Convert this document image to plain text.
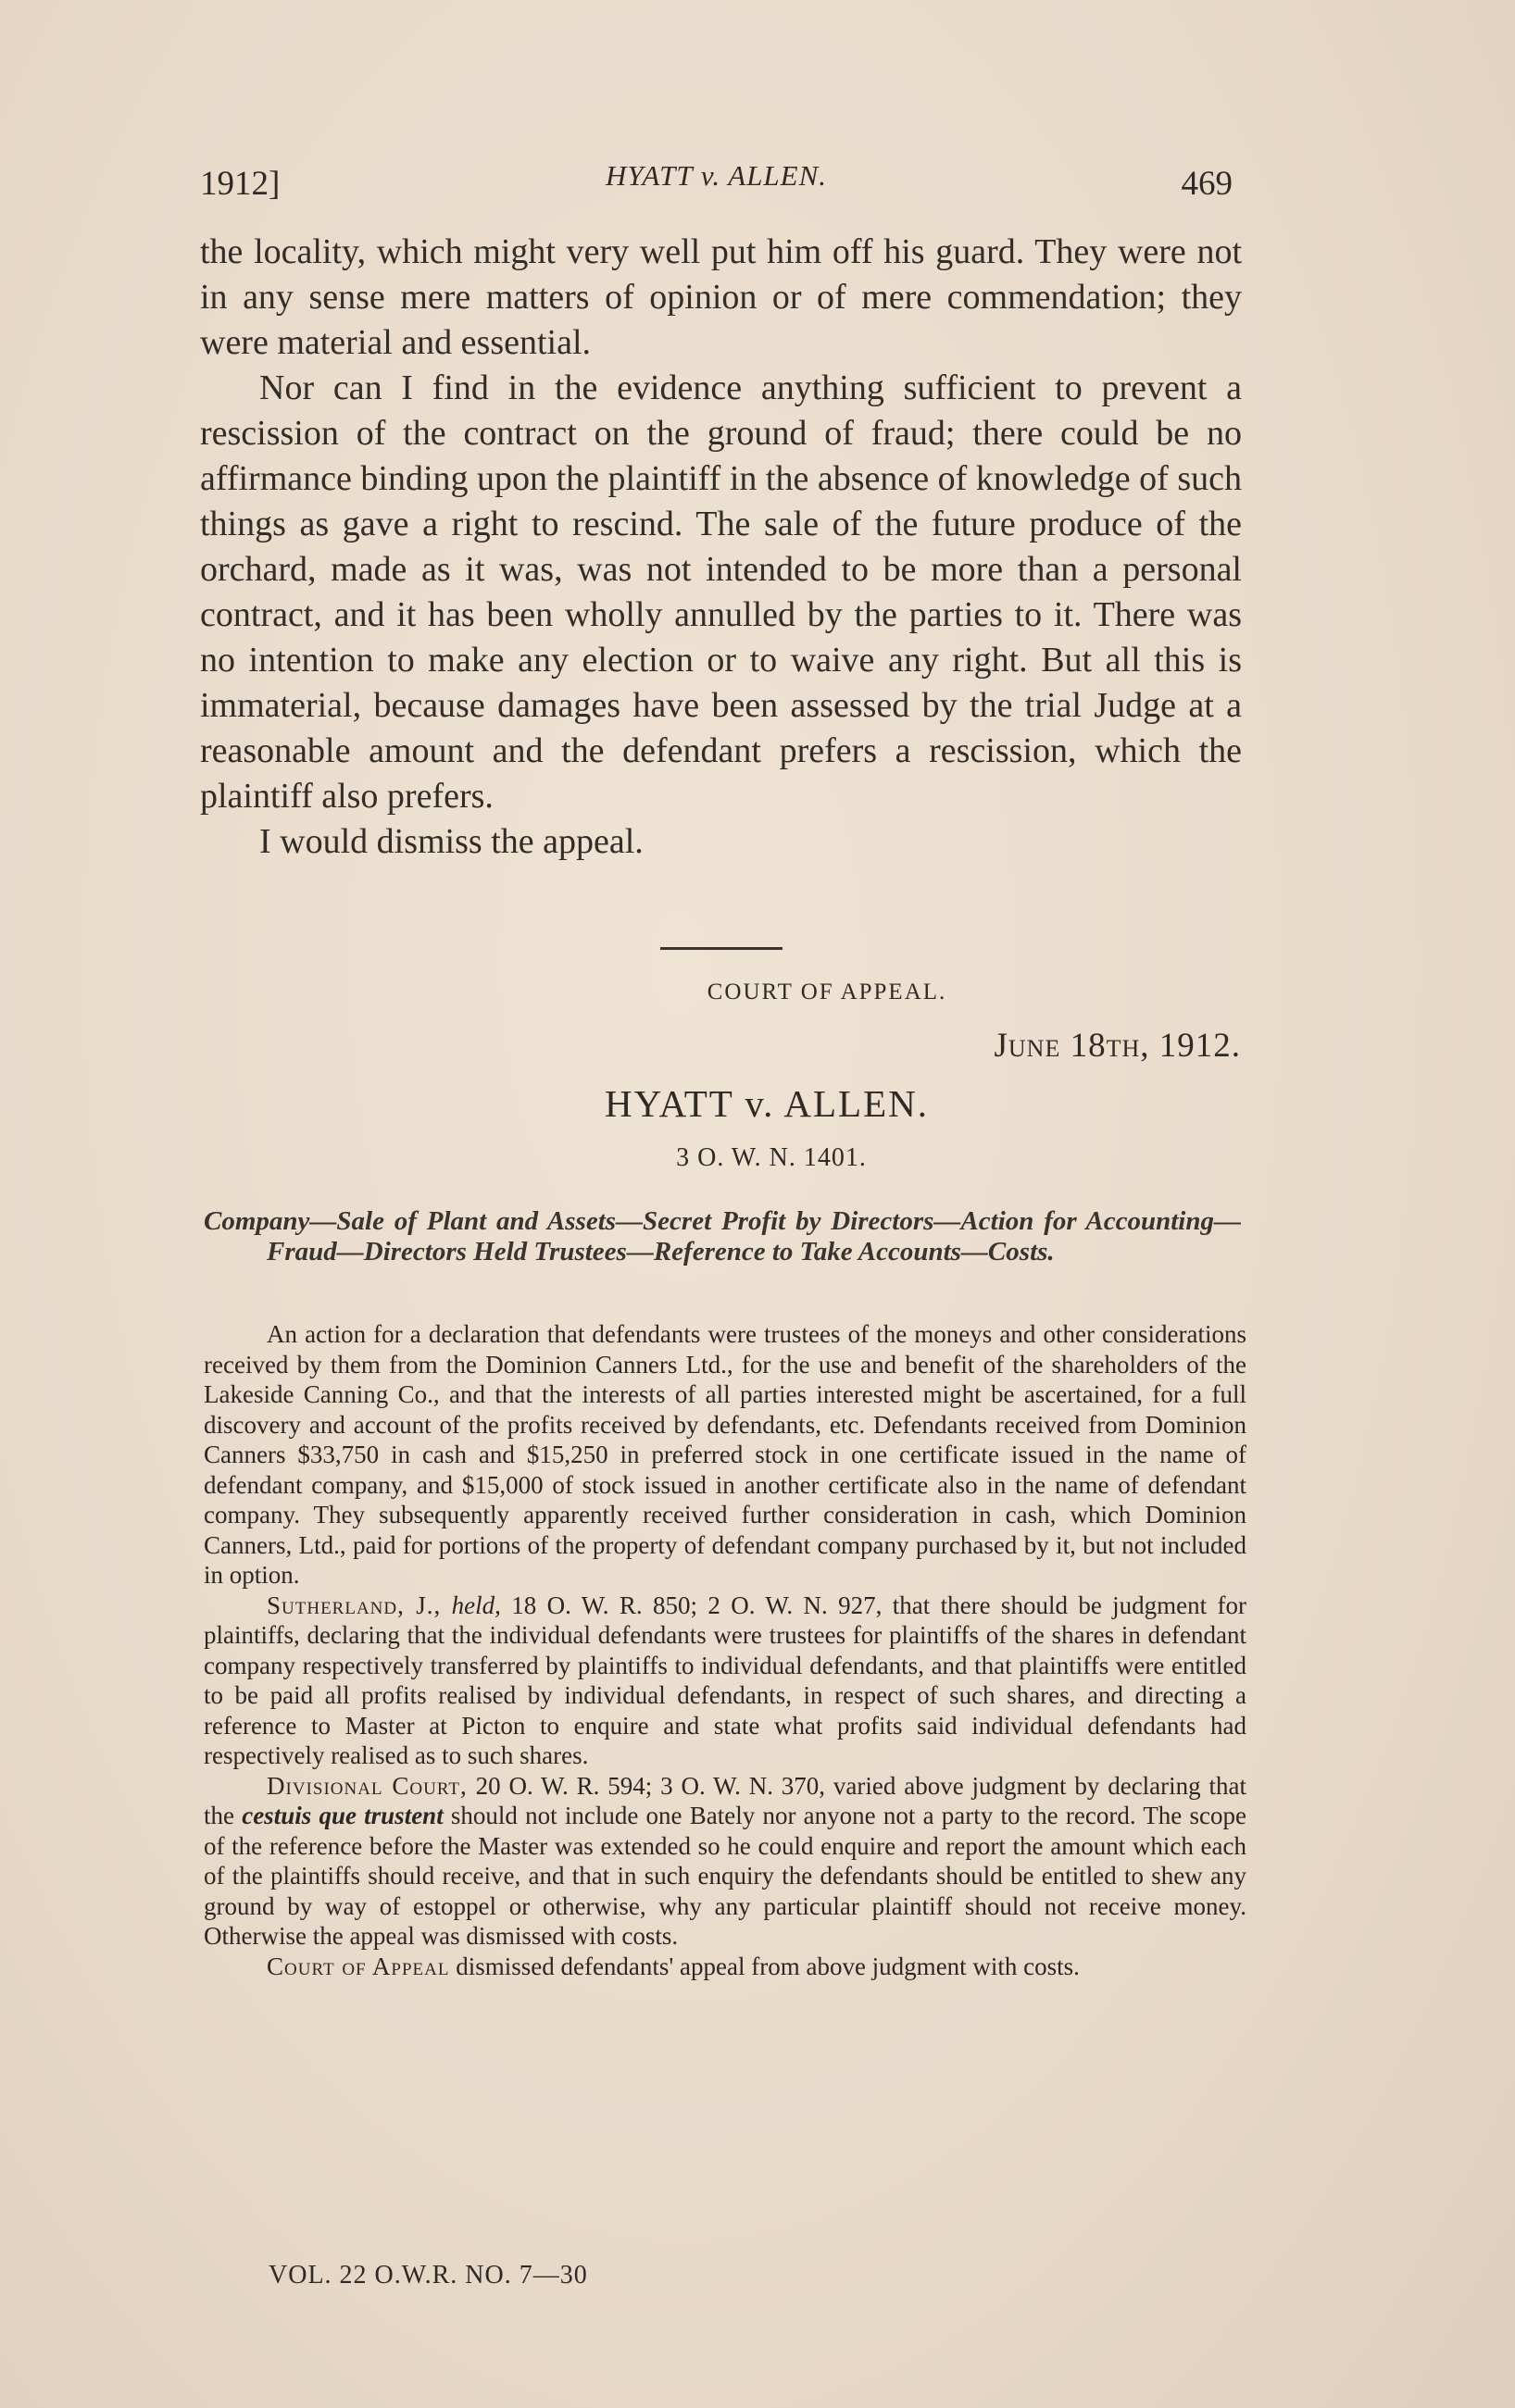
1912]	HYATT v. ALLEN.	469

the locality, which might very well put him off his guard. They were not in any sense mere matters of opinion or of mere commendation; they were material and essential.

Nor can I find in the evidence anything sufficient to prevent a rescission of the contract on the ground of fraud; there could be no affirmance binding upon the plaintiff in the absence of knowledge of such things as gave a right to rescind. The sale of the future produce of the orchard, made as it was, was not intended to be more than a personal contract, and it has been wholly annulled by the parties to it. There was no intention to make any election or to waive any right. But all this is immaterial, because damages have been assessed by the trial Judge at a reasonable amount and the defendant prefers a rescission, which the plaintiff also prefers.

I would dismiss the appeal.

COURT OF APPEAL.
June 18th, 1912.
HYATT v. ALLEN.
3 O. W. N. 1401.

Company—Sale of Plant and Assets—Secret Profit by Directors—Action for Accounting—Fraud—Directors Held Trustees—Reference to Take Accounts—Costs.

An action for a declaration that defendants were trustees of the moneys and other considerations received by them from the Dominion Canners Ltd., for the use and benefit of the shareholders of the Lakeside Canning Co., and that the interests of all parties interested might be ascertained, for a full discovery and account of the profits received by defendants, etc. Defendants received from Dominion Canners $33,750 in cash and $15,250 in preferred stock in one certificate issued in the name of defendant company, and $15,000 of stock issued in another certificate also in the name of defendant company. They subsequently apparently received further consideration in cash, which Dominion Canners, Ltd., paid for portions of the property of defendant company purchased by it, but not included in option.

Sutherland, J., held, 18 O. W. R. 850; 2 O. W. N. 927, that there should be judgment for plaintiffs, declaring that the individual defendants were trustees for plaintiffs of the shares in defendant company respectively transferred by plaintiffs to individual defendants, and that plaintiffs were entitled to be paid all profits realised by individual defendants, in respect of such shares, and directing a reference to Master at Picton to enquire and state what profits said individual defendants had respectively realised as to such shares.

Divisional Court, 20 O. W. R. 594; 3 O. W. N. 370, varied above judgment by declaring that the cestuis que trustent should not include one Bately nor anyone not a party to the record. The scope of the reference before the Master was extended so he could enquire and report the amount which each of the plaintiffs should receive, and that in such enquiry the defendants should be entitled to shew any ground by way of estoppel or otherwise, why any particular plaintiff should not receive money. Otherwise the appeal was dismissed with costs.

Court of Appeal dismissed defendants' appeal from above judgment with costs.

VOL. 22 O.W.R. NO. 7—30
